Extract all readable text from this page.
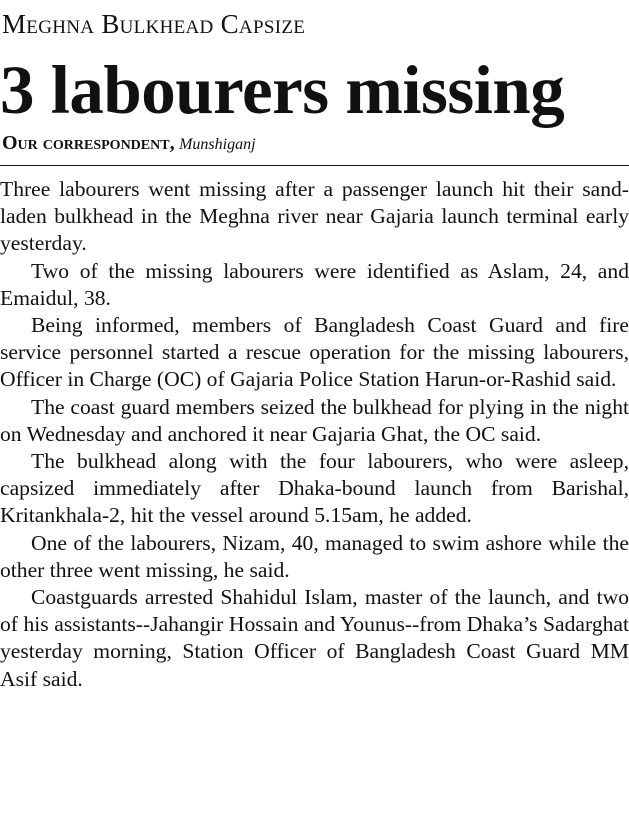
Meghna Bulkhead Capsize
3 labourers missing
Our correspondent, Munshiganj

Three labourers went missing after a passenger launch hit their sand-laden bulkhead in the Meghna river near Gajaria launch terminal early yesterday.

Two of the missing labourers were identified as Aslam, 24, and Emaidul, 38.

Being informed, members of Bangladesh Coast Guard and fire service personnel started a rescue operation for the missing labourers, Officer in Charge (OC) of Gajaria Police Station Harun-or-Rashid said.

The coast guard members seized the bulkhead for plying in the night on Wednesday and anchored it near Gajaria Ghat, the OC said.

The bulkhead along with the four labourers, who were asleep, capsized immediately after Dhaka-bound launch from Barishal, Kritankhala-2, hit the vessel around 5.15am, he added.

One of the labourers, Nizam, 40, managed to swim ashore while the other three went missing, he said.

Coastguards arrested Shahidul Islam, master of the launch, and two of his assistants--Jahangir Hossain and Younus--from Dhaka’s Sadarghat yesterday morning, Station Officer of Bangladesh Coast Guard MM Asif said.
